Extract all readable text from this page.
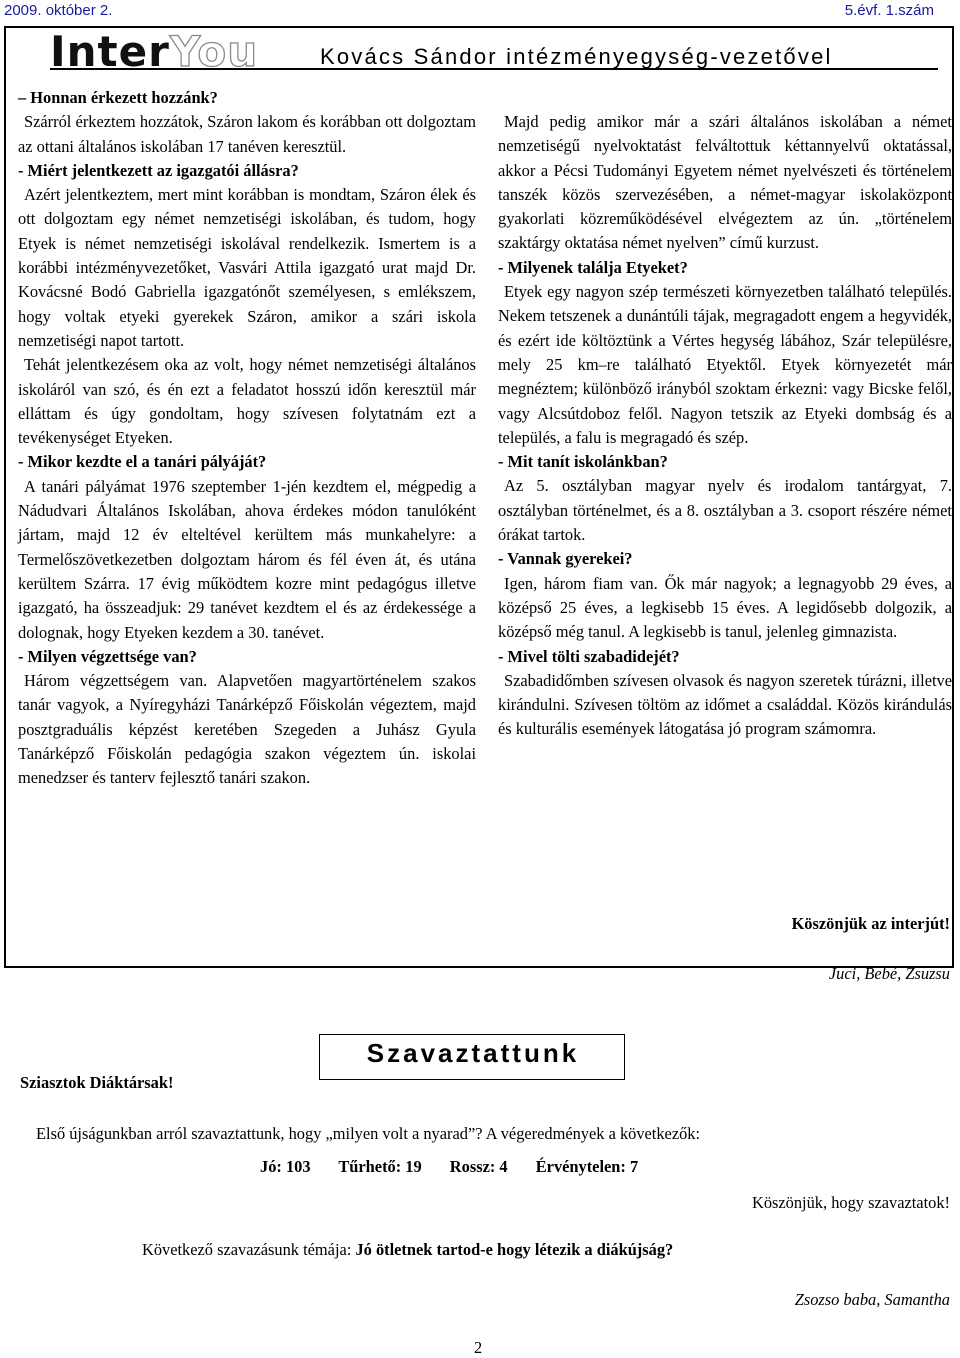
2009. október 2.	5.évf. 1.szám
InterYou	Kovács Sándor intézményegység-vezetővel

– Honnan érkezett hozzánk?

Szárról érkeztem hozzátok, Száron lakom és korábban ott dolgoztam az ottani általános iskolában 17 tanéven keresztül.

- Miért jelentkezett az igazgatói állásra?

Azért jelentkeztem, mert mint korábban is mondtam, Száron élek és ott dolgoztam egy német nemzetiségi iskolában, és tudom, hogy Etyek is német nemzetiségi iskolával rendelkezik. Ismertem is a korábbi intézményvezetőket, Vasvári Attila igazgató urat majd Dr. Kovácsné Bodó Gabriella igazgatónőt személyesen, s emlékszem, hogy voltak etyeki gyerekek Száron, amikor a szári iskola nemzetiségi napot tartott.

Tehát jelentkezésem oka az volt, hogy német nemzetiségi általános iskoláról van szó, és én ezt a feladatot hosszú időn keresztül már elláttam és úgy gondoltam, hogy szívesen folytatnám ezt a tevékenységet Etyeken.

- Mikor kezdte el a tanári pályáját?

A tanári pályámat 1976 szeptember 1-jén kezdtem el, mégpedig a Nádudvari Általános Iskolában, ahova érdekes módon tanulóként jártam, majd 12 év elteltével kerültem más munkahelyre: a Termelőszövetkezetben dolgoztam három és fél éven át, és utána kerültem Szárra. 17 évig működtem kozre mint pedagógus illetve igazgató, ha összeadjuk: 29 tanévet kezdtem el és az érdekessége a dolognak, hogy Etyeken kezdem a 30. tanévet.

- Milyen végzettsége van?

Három végzettségem van. Alapvetően magyartörténelem szakos tanár vagyok, a Nyíregyházi Tanárképző Főiskolán végeztem, majd posztgraduális képzést keretében Szegeden a Juhász Gyula Tanárképző Főiskolán pedagógia szakon végeztem ún. iskolai menedzser és tanterv fejlesztő tanári szakon.

Majd pedig amikor már a szári általános iskolában a német nemzetiségű nyelvoktatást felváltottuk kéttannyelvű oktatással, akkor a Pécsi Tudományi Egyetem német nyelvészeti és történelem tanszék közös szervezésében, a német-magyar iskolaközpont gyakorlati közreműködésével elvégeztem az ún. „történelem szaktárgy oktatása német nyelven” című kurzust.

- Milyenek találja Etyeket?

Etyek egy nagyon szép természeti környezetben található település. Nekem tetszenek a dunántúli tájak, megragadott engem a hegyvidék, és ezért ide költöztünk a Vértes hegység lábához, Szár településre, mely 25 km–re található Etyektől. Etyek környezetét már megnéztem; különböző irányból szoktam érkezni: vagy Bicske felől, vagy Alcsútdoboz felől. Nagyon tetszik az Etyeki dombság és a település, a falu is megragadó és szép.

- Mit tanít iskolánkban?

Az 5. osztályban magyar nyelv és irodalom tantárgyat, 7. osztályban történelmet, és a 8. osztályban a 3. csoport részére német órákat tartok.

- Vannak gyerekei?

Igen, három fiam van. Ők már nagyok; a legnagyobb 29 éves, a középső 25 éves, a legkisebb 15 éves. A legidősebb dolgozik, a középső még tanul. A legkisebb is tanul, jelenleg gimnazista.

- Mivel tölti szabadidejét?

Szabadidőmben szívesen olvasok és nagyon szeretek túrázni, illetve kirándulni. Szívesen töltöm az időmet a családdal. Közös kirándulás és kulturális események látogatása jó program számomra.

Köszönjük az interjút!
Juci, Bebé, Zsuzsu
Szavaztattunk
Sziasztok Diáktársak!
Első újságunkban arról szavaztattunk, hogy „milyen volt a nyarad”? A végeredmények a következők:
Jó: 103 Tűrhető: 19 Rossz: 4 Érvénytelen: 7
Köszönjük, hogy szavaztatok!
Következő szavazásunk témája: Jó ötletnek tartod-e hogy létezik a diákújság?
Zsozso baba, Samantha
2
